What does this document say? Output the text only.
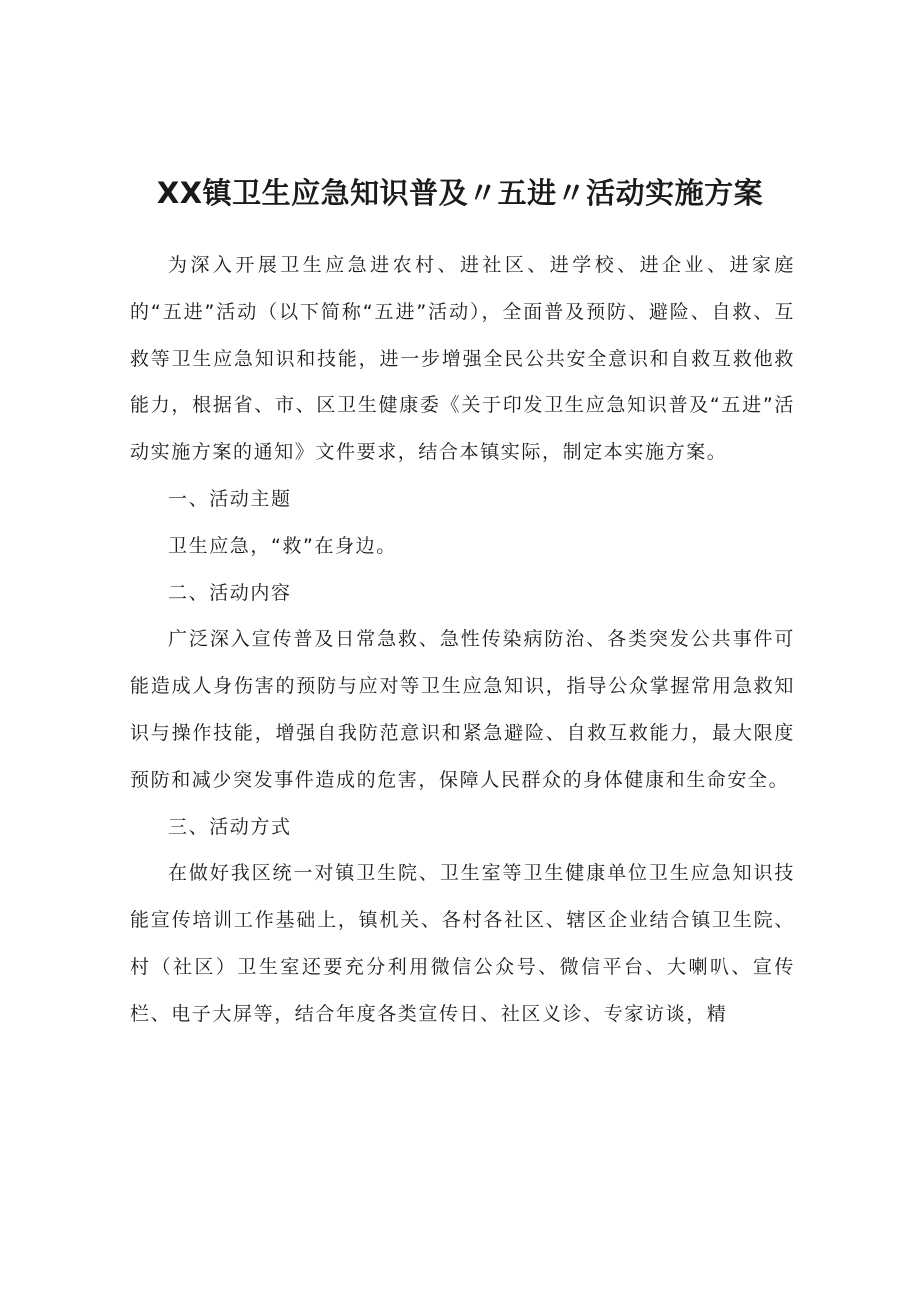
XX镇卫生应急知识普及〃五进〃活动实施方案

为深入开展卫生应急进农村、进社区、进学校、进企业、进家庭的“五进”活动（以下简称“五进”活动），全面普及预防、避险、自救、互救等卫生应急知识和技能，进一步增强全民公共安全意识和自救互救他救能力，根据省、市、区卫生健康委《关于印发卫生应急知识普及“五进”活动实施方案的通知》文件要求，结合本镇实际，制定本实施方案。

一、活动主题

卫生应急，“救”在身边。

二、活动内容

广泛深入宣传普及日常急救、急性传染病防治、各类突发公共事件可能造成人身伤害的预防与应对等卫生应急知识，指导公众掌握常用急救知识与操作技能，增强自我防范意识和紧急避险、自救互救能力，最大限度预防和减少突发事件造成的危害，保障人民群众的身体健康和生命安全。

三、活动方式

在做好我区统一对镇卫生院、卫生室等卫生健康单位卫生应急知识技能宣传培训工作基础上，镇机关、各村各社区、辖区企业结合镇卫生院、村（社区）卫生室还要充分利用微信公众号、微信平台、大喇叭、宣传栏、电子大屏等，结合年度各类宣传日、社区义诊、专家访谈，精
